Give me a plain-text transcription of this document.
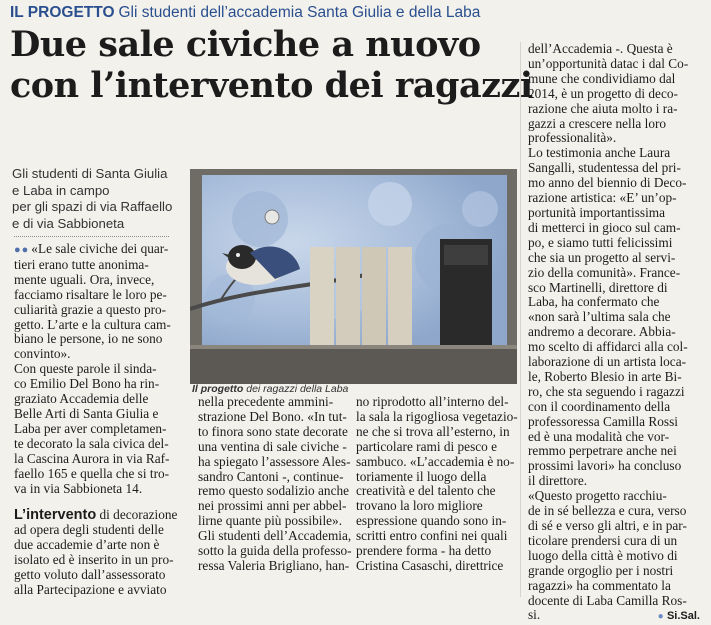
IL PROGETTO Gli studenti dell’accademia Santa Giulia e della Laba
Due sale civiche a nuovo
con l’intervento dei ragazzi
Gli studenti di Santa Giulia
e Laba in campo
per gli spazi di via Raffaello
e di via Sabbioneta
Il progetto dei ragazzi della Laba

●● «Le sale civiche dei quar-
tieri erano tutte anonima-
mente uguali. Ora, invece,
facciamo risaltare le loro pe-
culiarità grazie a questo pro-
getto. L’arte e la cultura cam-
biano le persone, io ne sono
convinto».

Con queste parole il sinda-
co Emilio Del Bono ha rin-
graziato Accademia delle
Belle Arti di Santa Giulia e
Laba per aver completamen-
te decorato la sala civica del-
la Cascina Aurora in via Raf-
faello 165 e quella che si tro-
va in via Sabbioneta 14.

L’intervento di decorazione
ad opera degli studenti delle
due accademie d’arte non è
isolato ed è inserito in un pro-
getto voluto dall’assessorato
alla Partecipazione e avviato

nella precedente ammini-
strazione Del Bono. «In tut-
to finora sono state decorate
una ventina di sale civiche -
ha spiegato l’assessore Ales-
sandro Cantoni -, continue-
remo questo sodalizio anche
nei prossimi anni per abbel-
lirne quante più possibile».
Gli studenti dell’Accademia,
sotto la guida della professo-
ressa Valeria Brigliano, han-

no riprodotto all’interno del-
la sala la rigogliosa vegetazio-
ne che si trova all’esterno, in
particolare rami di pesco e
sambuco. «L’accademia è no-
toriamente il luogo della
creatività e del talento che
trovano la loro migliore
espressione quando sono in-
scritti entro confini nei quali
prendere forma - ha detto
Cristina Casaschi, direttrice

dell’Accademia -. Questa è
un’opportunità datac i dal Co-
mune che condividiamo dal
2014, è un progetto di deco-
razione che aiuta molto i ra-
gazzi a crescere nella loro
professionalità».

Lo testimonia anche Laura
Sangalli, studentessa del pri-
mo anno del biennio di Deco-
razione artistica: «E’ un’op-
portunità importantissima
di metterci in gioco sul cam-
po, e siamo tutti felicissimi
che sia un progetto al servi-
zio della comunità». France-
sco Martinelli, direttore di
Laba, ha confermato che
«non sarà l’ultima sala che
andremo a decorare. Abbia-
mo scelto di affidarci alla col-
laborazione di un artista loca-
le, Roberto Blesio in arte Bi-
ro, che sta seguendo i ragazzi
con il coordinamento della
professoressa Camilla Rossi
ed è una modalità che vor-
remmo perpetrare anche nei
prossimi lavori» ha concluso
il direttore.

«Questo progetto racchiu-
de in sé bellezza e cura, verso
di sé e verso gli altri, e in par-
ticolare prendersi cura di un
luogo della città è motivo di
grande orgoglio per i nostri
ragazzi» ha commentato la
docente di Laba Camilla Ros-
si.	● Si.Sal.
